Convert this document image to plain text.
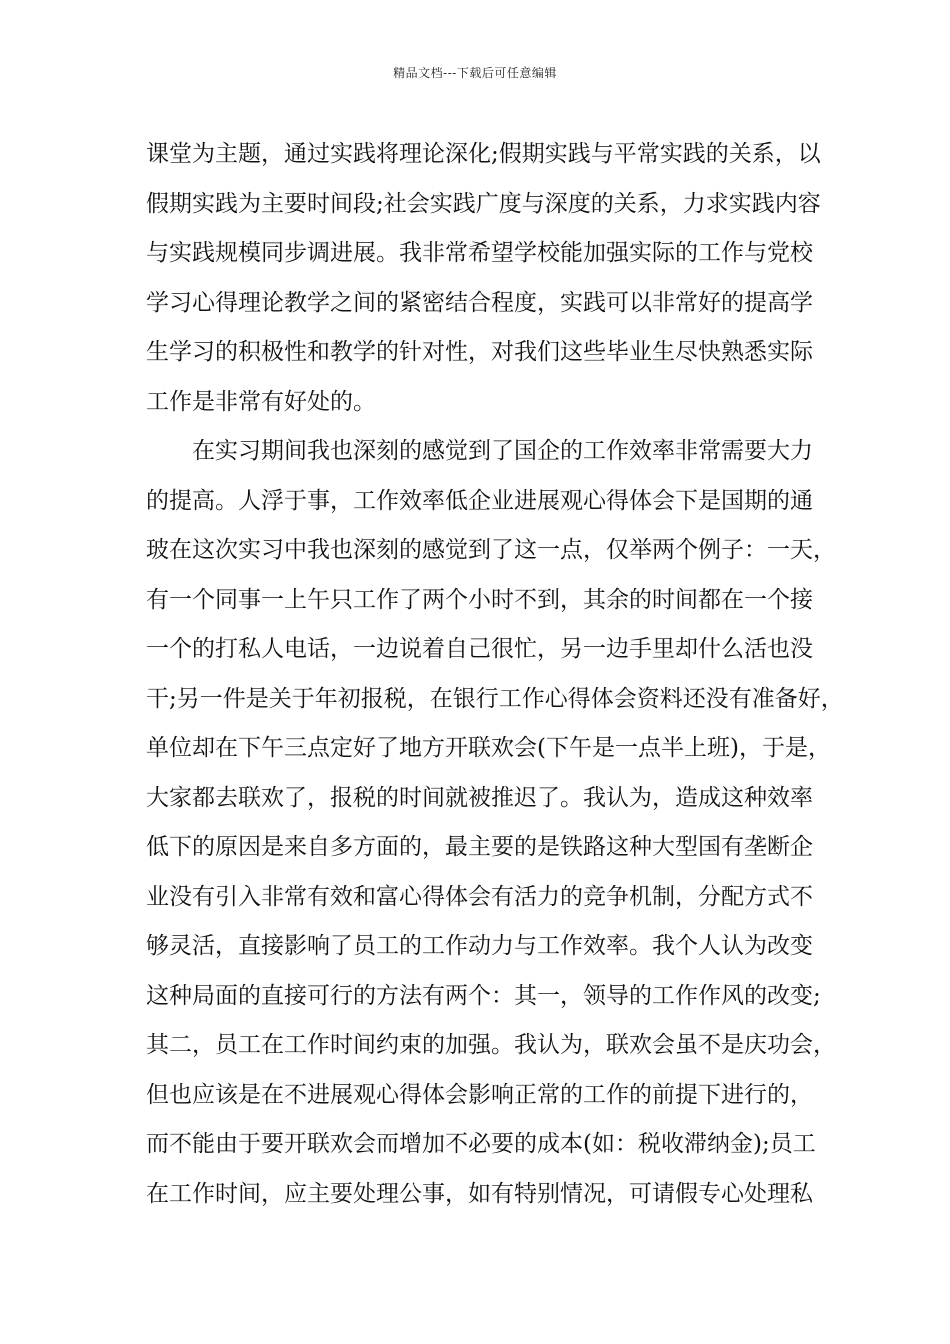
精品文档---下载后可任意编辑
课堂为主题，通过实践将理论深化;假期实践与平常实践的关系，以
假期实践为主要时间段;社会实践广度与深度的关系，力求实践内容
与实践规模同步调进展。我非常希望学校能加强实际的工作与党校
学习心得理论教学之间的紧密结合程度，实践可以非常好的提高学
生学习的积极性和教学的针对性，对我们这些毕业生尽快熟悉实际
工作是非常有好处的。
在实习期间我也深刻的感觉到了国企的工作效率非常需要大力
的提高。人浮于事，工作效率低企业进展观心得体会下是国期的通
玻在这次实习中我也深刻的感觉到了这一点，仅举两个例子：一天，
有一个同事一上午只工作了两个小时不到，其余的时间都在一个接
一个的打私人电话，一边说着自己很忙，另一边手里却什么活也没
干;另一件是关于年初报税，在银行工作心得体会资料还没有准备好，
单位却在下午三点定好了地方开联欢会(下午是一点半上班)，于是，
大家都去联欢了，报税的时间就被推迟了。我认为，造成这种效率
低下的原因是来自多方面的，最主要的是铁路这种大型国有垄断企
业没有引入非常有效和富心得体会有活力的竞争机制，分配方式不
够灵活，直接影响了员工的工作动力与工作效率。我个人认为改变
这种局面的直接可行的方法有两个：其一，领导的工作作风的改变;
其二，员工在工作时间约束的加强。我认为，联欢会虽不是庆功会，
但也应该是在不进展观心得体会影响正常的工作的前提下进行的，
而不能由于要开联欢会而增加不必要的成本(如：税收滞纳金);员工
在工作时间，应主要处理公事，如有特别情况，可请假专心处理私
